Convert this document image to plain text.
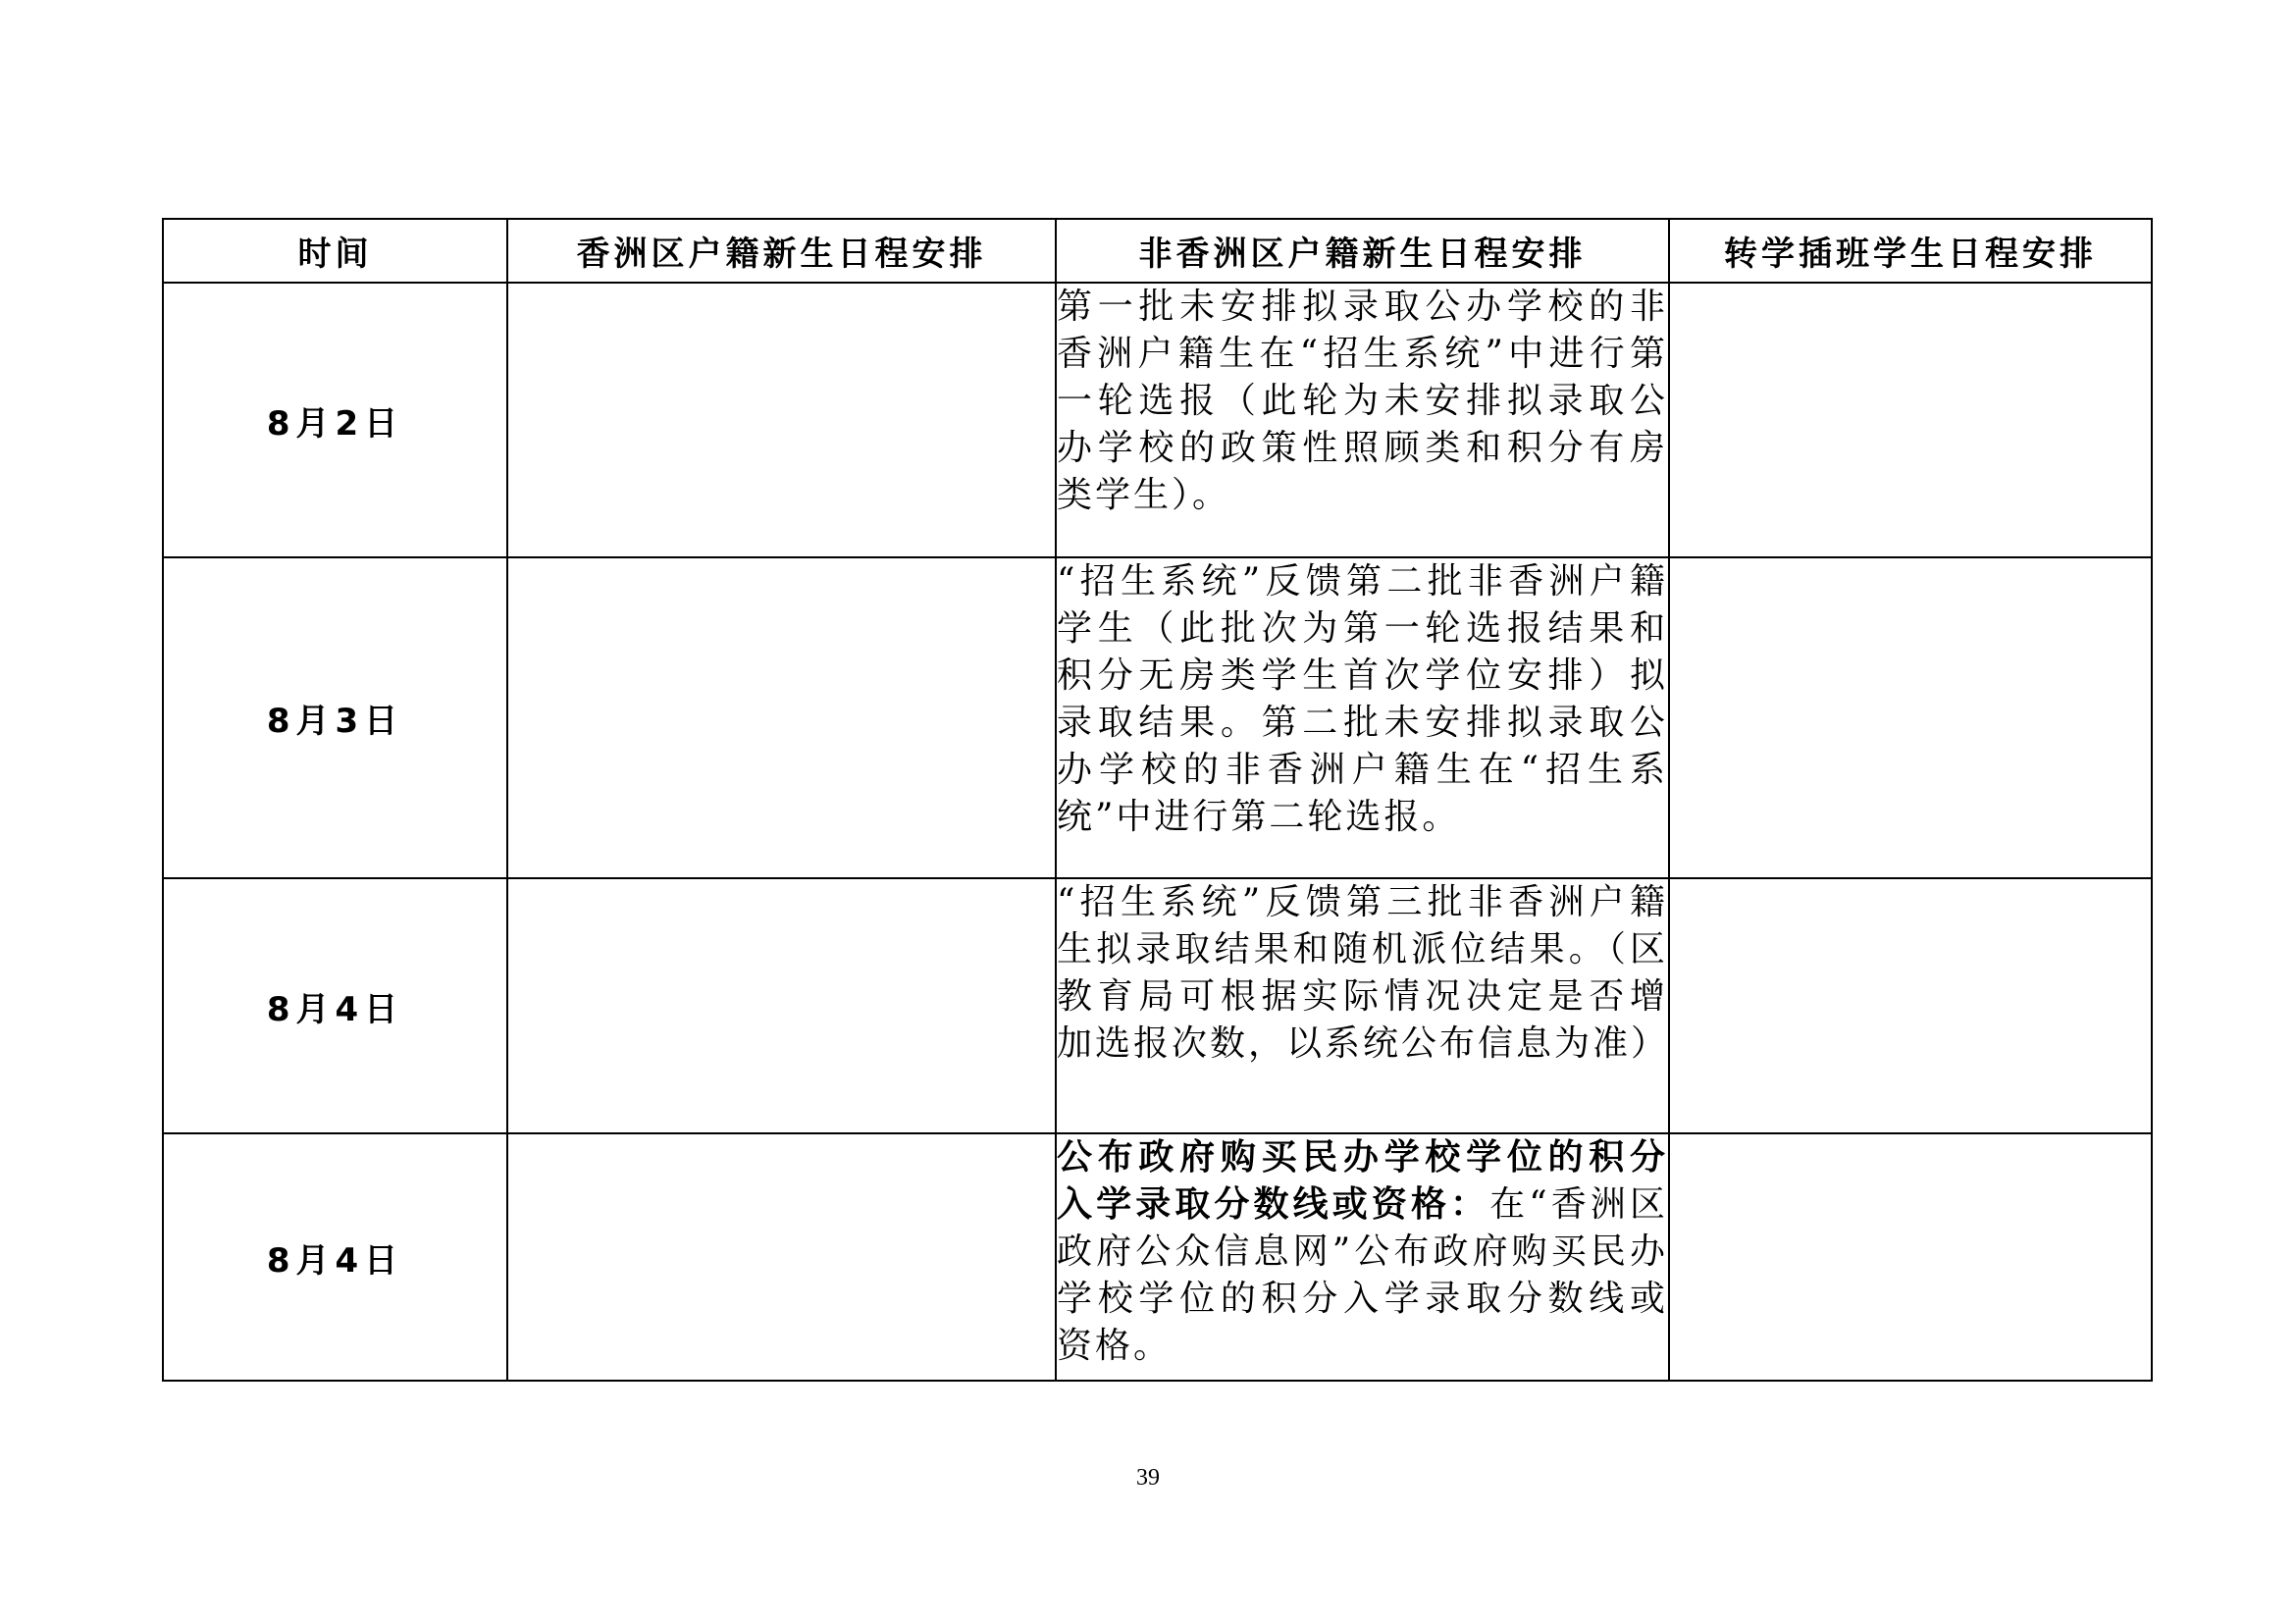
时间	香洲区户籍新生日程安排	非香洲区户籍新生日程安排	转学插班学生日程安排
8月2日		第一批未安排拟录取公办学校的非香洲户籍生在“招生系统”中进行第一轮选报（此轮为未安排拟录取公办学校的政策性照顾类和积分有房类学生）。	
8月3日		“招生系统”反馈第二批非香洲户籍学生（此批次为第一轮选报结果和积分无房类学生首次学位安排）拟录取结果。第二批未安排拟录取公办学校的非香洲户籍生在“招生系统”中进行第二轮选报。	
8月4日		“招生系统”反馈第三批非香洲户籍生拟录取结果和随机派位结果。（区教育局可根据实际情况决定是否增加选报次数，以系统公布信息为准）	
8月4日		公布政府购买民办学校学位的积分入学录取分数线或资格：在“香洲区政府公众信息网”公布政府购买民办学校学位的积分入学录取分数线或资格。	
39
